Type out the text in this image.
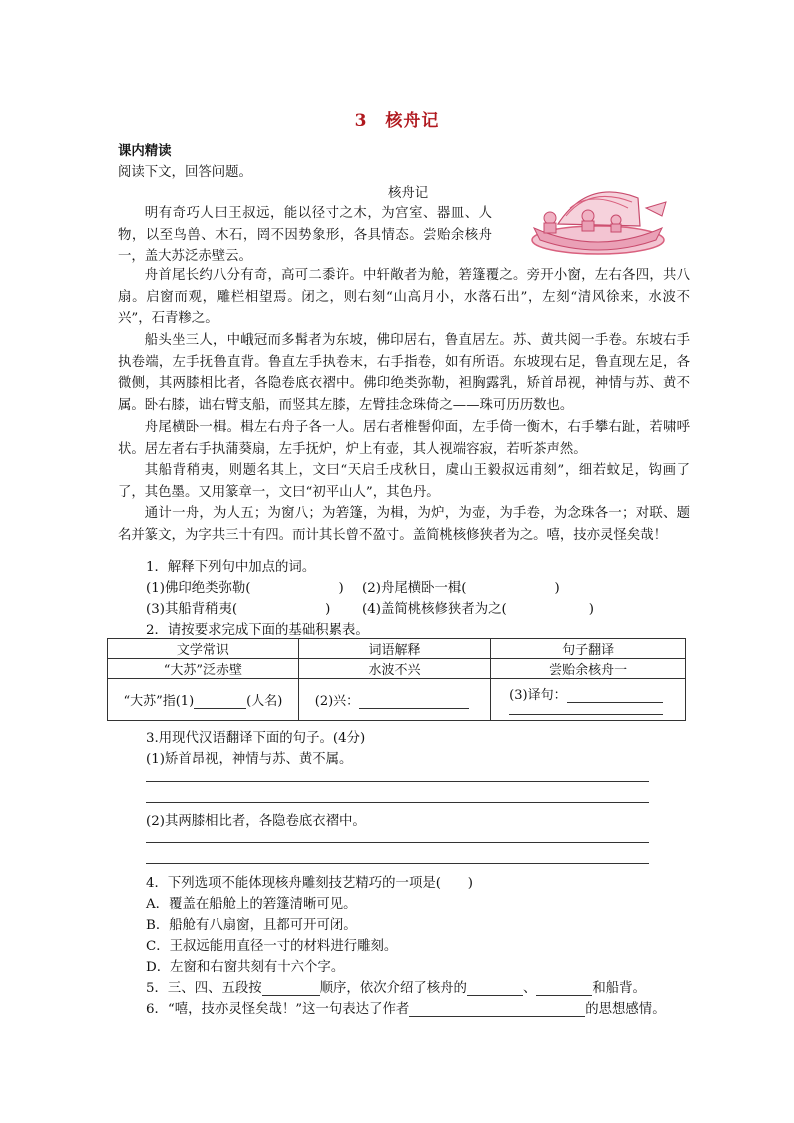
3　核舟记
课内精读
阅读下文，回答问题。
核舟记
明有奇巧人曰王叔远，能以径寸之木，为宫室、器皿、人物，以至鸟兽、木石，罔不因势象形，各具情态。尝贻余核舟一，盖大苏泛赤壁云。
舟首尾长约八分有奇，高可二黍许。中轩敞者为舱，箬篷覆之。旁开小窗，左右各四，共八扇。启窗而观，雕栏相望焉。闭之，则右刻“山高月小，水落石出”，左刻“清风徐来，水波不兴”，石青糁之。
船头坐三人，中峨冠而多髯者为东坡，佛印居右，鲁直居左。苏、黄共阅一手卷。东坡右手执卷端，左手抚鲁直背。鲁直左手执卷末，右手指卷，如有所语。东坡现右足，鲁直现左足，各微侧，其两膝相比者，各隐卷底衣褶中。佛印绝类弥勒，袒胸露乳，矫首昂视，神情与苏、黄不属。卧右膝，诎右臂支船，而竖其左膝，左臂挂念珠倚之——珠可历历数也。
舟尾横卧一楫。楫左右舟子各一人。居右者椎髻仰面，左手倚一衡木，右手攀右趾，若啸呼状。居左者右手执蒲葵扇，左手抚炉，炉上有壶，其人视端容寂，若听茶声然。
其船背稍夷，则题名其上，文曰“天启壬戌秋日，虞山王毅叔远甫刻”，细若蚊足，钩画了了，其色墨。又用篆章一，文曰“初平山人”，其色丹。
通计一舟，为人五；为窗八；为箬篷，为楫，为炉，为壶，为手卷，为念珠各一；对联、题名并篆文，为字共三十有四。而计其长曾不盈寸。盖简桃核修狭者为之。嘻，技亦灵怪矣哉！
1．解释下列句中加点的词。
(1)佛印绝类弥勒(	) (2)舟尾横卧一楫(	)
(3)其船背稍夷(	) (4)盖简桃核修狭者为之(	)
2．请按要求完成下面的基础积累表。
文学常识	词语解释	句子翻译
“大苏”泛赤壁	水波不兴	尝贻余核舟一
“大苏”指(1) (人名)	(2)兴：	(3)译句：
3.用现代汉语翻译下面的句子。(4分)
(1)矫首昂视，神情与苏、黄不属。
(2)其两膝相比者，各隐卷底衣褶中。
4．下列选项不能体现核舟雕刻技艺精巧的一项是(　　)
A．覆盖在船舱上的箬篷清晰可见。
B．船舱有八扇窗，且都可开可闭。
C．王叔远能用直径一寸的材料进行雕刻。
D．左窗和右窗共刻有十六个字。
5．三、四、五段按	顺序，依次介绍了核舟的	、	和船背。
6．“嘻，技亦灵怪矣哉！”这一句表达了作者	的思想感情。
